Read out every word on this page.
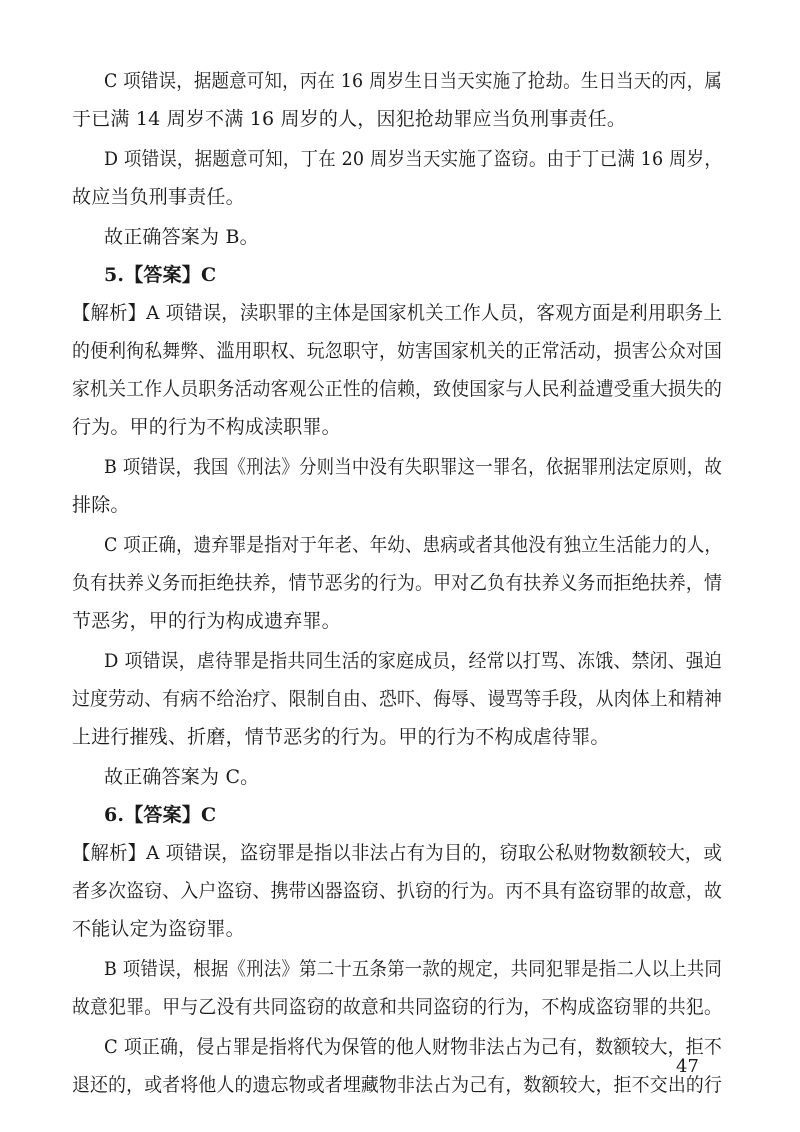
C 项错误，据题意可知，丙在 16 周岁生日当天实施了抢劫。生日当天的丙，属
于已满 14 周岁不满 16 周岁的人，因犯抢劫罪应当负刑事责任。
D 项错误，据题意可知，丁在 20 周岁当天实施了盗窃。由于丁已满 16 周岁，
故应当负刑事责任。
故正确答案为 B。
5.【答案】C
【解析】A 项错误，渎职罪的主体是国家机关工作人员，客观方面是利用职务上
的便利徇私舞弊、滥用职权、玩忽职守，妨害国家机关的正常活动，损害公众对国
家机关工作人员职务活动客观公正性的信赖，致使国家与人民利益遭受重大损失的
行为。甲的行为不构成渎职罪。
B 项错误，我国《刑法》分则当中没有失职罪这一罪名，依据罪刑法定原则，故
排除。
C 项正确，遗弃罪是指对于年老、年幼、患病或者其他没有独立生活能力的人，
负有扶养义务而拒绝扶养，情节恶劣的行为。甲对乙负有扶养义务而拒绝扶养，情
节恶劣，甲的行为构成遗弃罪。
D 项错误，虐待罪是指共同生活的家庭成员，经常以打骂、冻饿、禁闭、强迫
过度劳动、有病不给治疗、限制自由、恐吓、侮辱、谩骂等手段，从肉体上和精神
上进行摧残、折磨，情节恶劣的行为。甲的行为不构成虐待罪。
故正确答案为 C。
6.【答案】C
【解析】A 项错误，盗窃罪是指以非法占有为目的，窃取公私财物数额较大，或
者多次盗窃、入户盗窃、携带凶器盗窃、扒窃的行为。丙不具有盗窃罪的故意，故
不能认定为盗窃罪。
B 项错误，根据《刑法》第二十五条第一款的规定，共同犯罪是指二人以上共同
故意犯罪。甲与乙没有共同盗窃的故意和共同盗窃的行为，不构成盗窃罪的共犯。
C 项正确，侵占罪是指将代为保管的他人财物非法占为己有，数额较大，拒不
退还的，或者将他人的遗忘物或者埋藏物非法占为己有，数额较大，拒不交出的行
47
